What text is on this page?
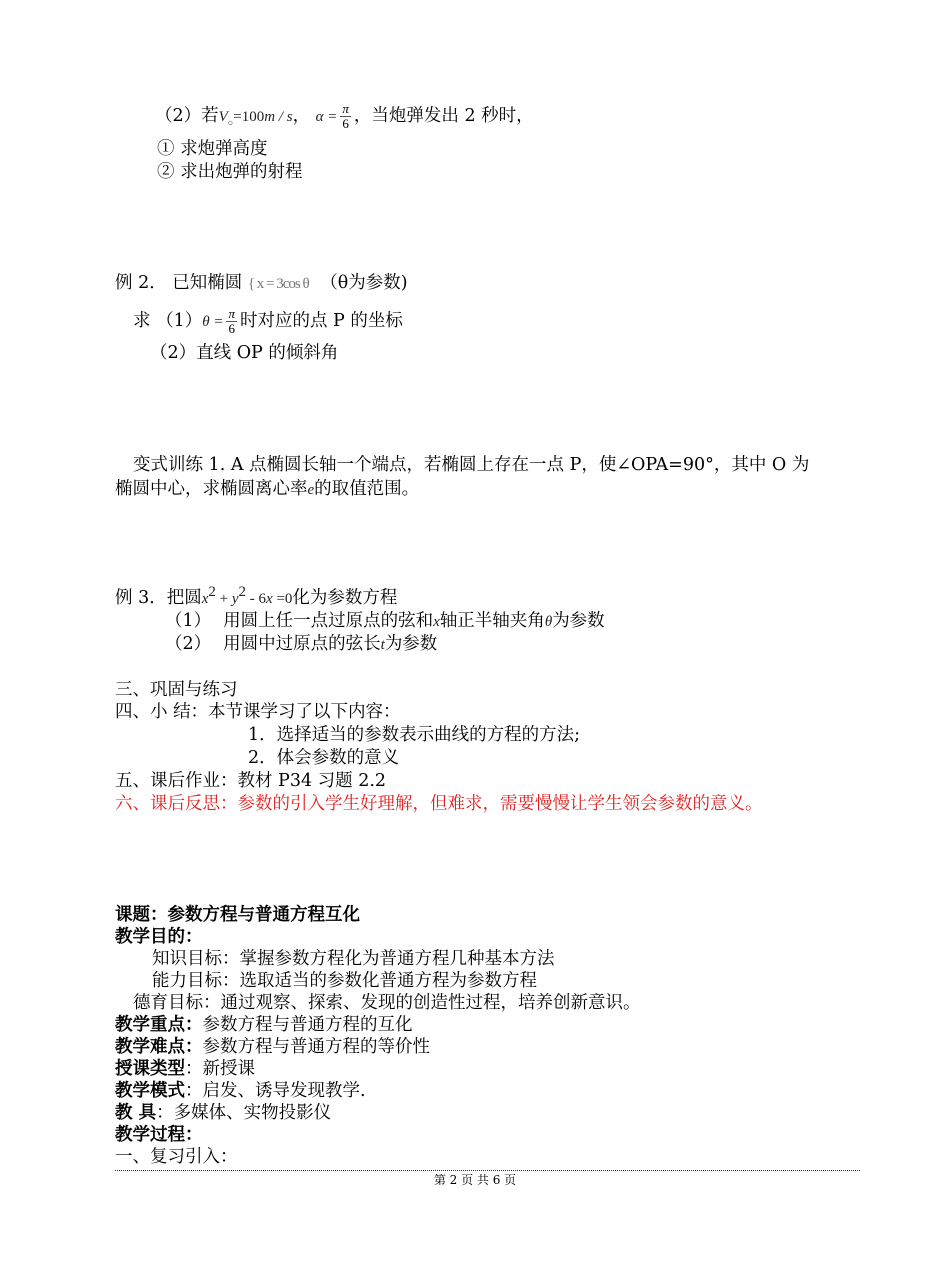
（2）若$V_○=100m / s$， $\alpha = \frac{\pi}{6}$ ，当炮弹发出 2 秒时，
① 求炮弹高度
② 求出炮弹的射程
例 2． 已知椭圆 { x = 3cos θ （θ为参数)
求 $(1)\theta = \frac{\pi}{6}$ 时对应的点 P 的坐标
（2）直线 OP 的倾斜角
变式训练 1. A 点椭圆长轴一个端点，若椭圆上存在一点 P，使∠OPA=90°，其中 O 为
椭圆中心，求椭圆离心率e的取值范围。
例 3．把圆$x^2 + y^2 - 6x =0$化为参数方程
（1） 用圆上任一点过原点的弦和x轴正半轴夹角θ为参数
（2） 用圆中过原点的弦长t为参数
三、巩固与练习
四、小 结：本节课学习了以下内容：
1．选择适当的参数表示曲线的方程的方法;
2．体会参数的意义
五、课后作业：教材 P34 习题 2.2
六、课后反思：参数的引入学生好理解，但难求，需要慢慢让学生领会参数的意义。
课题：参数方程与普通方程互化
教学目的：
知识目标：掌握参数方程化为普通方程几种基本方法
能力目标：选取适当的参数化普通方程为参数方程
德育目标：通过观察、探索、发现的创造性过程，培养创新意识。
教学重点：参数方程与普通方程的互化
教学难点：参数方程与普通方程的等价性
授课类型：新授课
教学模式：启发、诱导发现教学.
教 具：多媒体、实物投影仪
教学过程：
一、复习引入：
第 2 页 共 6 页
